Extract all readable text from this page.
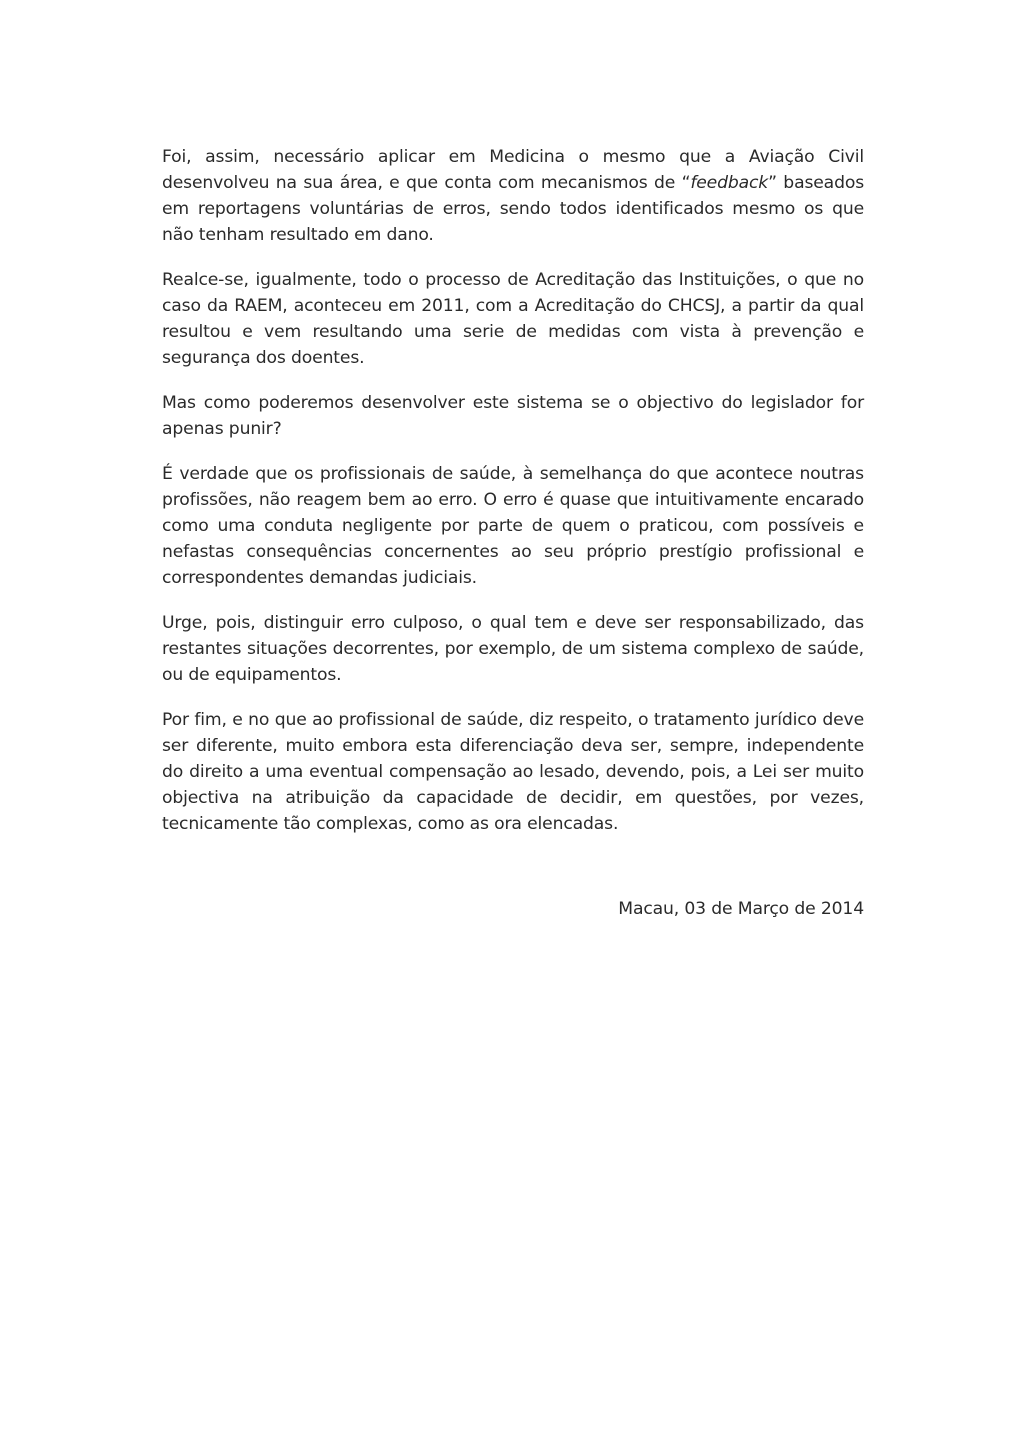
Foi, assim, necessário aplicar em Medicina o mesmo que a Aviação Civil desenvolveu na sua área, e que conta com mecanismos de “feedback” baseados em reportagens voluntárias de erros, sendo todos identificados mesmo os que não tenham resultado em dano.

Realce-se, igualmente, todo o processo de Acreditação das Instituições, o que no caso da RAEM, aconteceu em 2011, com a Acreditação do CHCSJ, a partir da qual resultou e vem resultando uma serie de medidas com vista à prevenção e segurança dos doentes.

Mas como poderemos desenvolver este sistema se o objectivo do legislador for apenas punir?

É verdade que os profissionais de saúde, à semelhança do que acontece noutras profissões, não reagem bem ao erro. O erro é quase que intuitivamente encarado como uma conduta negligente por parte de quem o praticou, com possíveis e nefastas consequências concernentes ao seu próprio prestígio profissional e correspondentes demandas judiciais.

Urge, pois, distinguir erro culposo, o qual tem e deve ser responsabilizado, das restantes situações decorrentes, por exemplo, de um sistema complexo de saúde, ou de equipamentos.

Por fim, e no que ao profissional de saúde, diz respeito, o tratamento jurídico deve ser diferente, muito embora esta diferenciação deva ser, sempre, independente do direito a uma eventual compensação ao lesado, devendo, pois, a Lei ser muito objectiva na atribuição da capacidade de decidir, em questões, por vezes, tecnicamente tão complexas, como as ora elencadas.

Macau, 03 de Março de 2014
